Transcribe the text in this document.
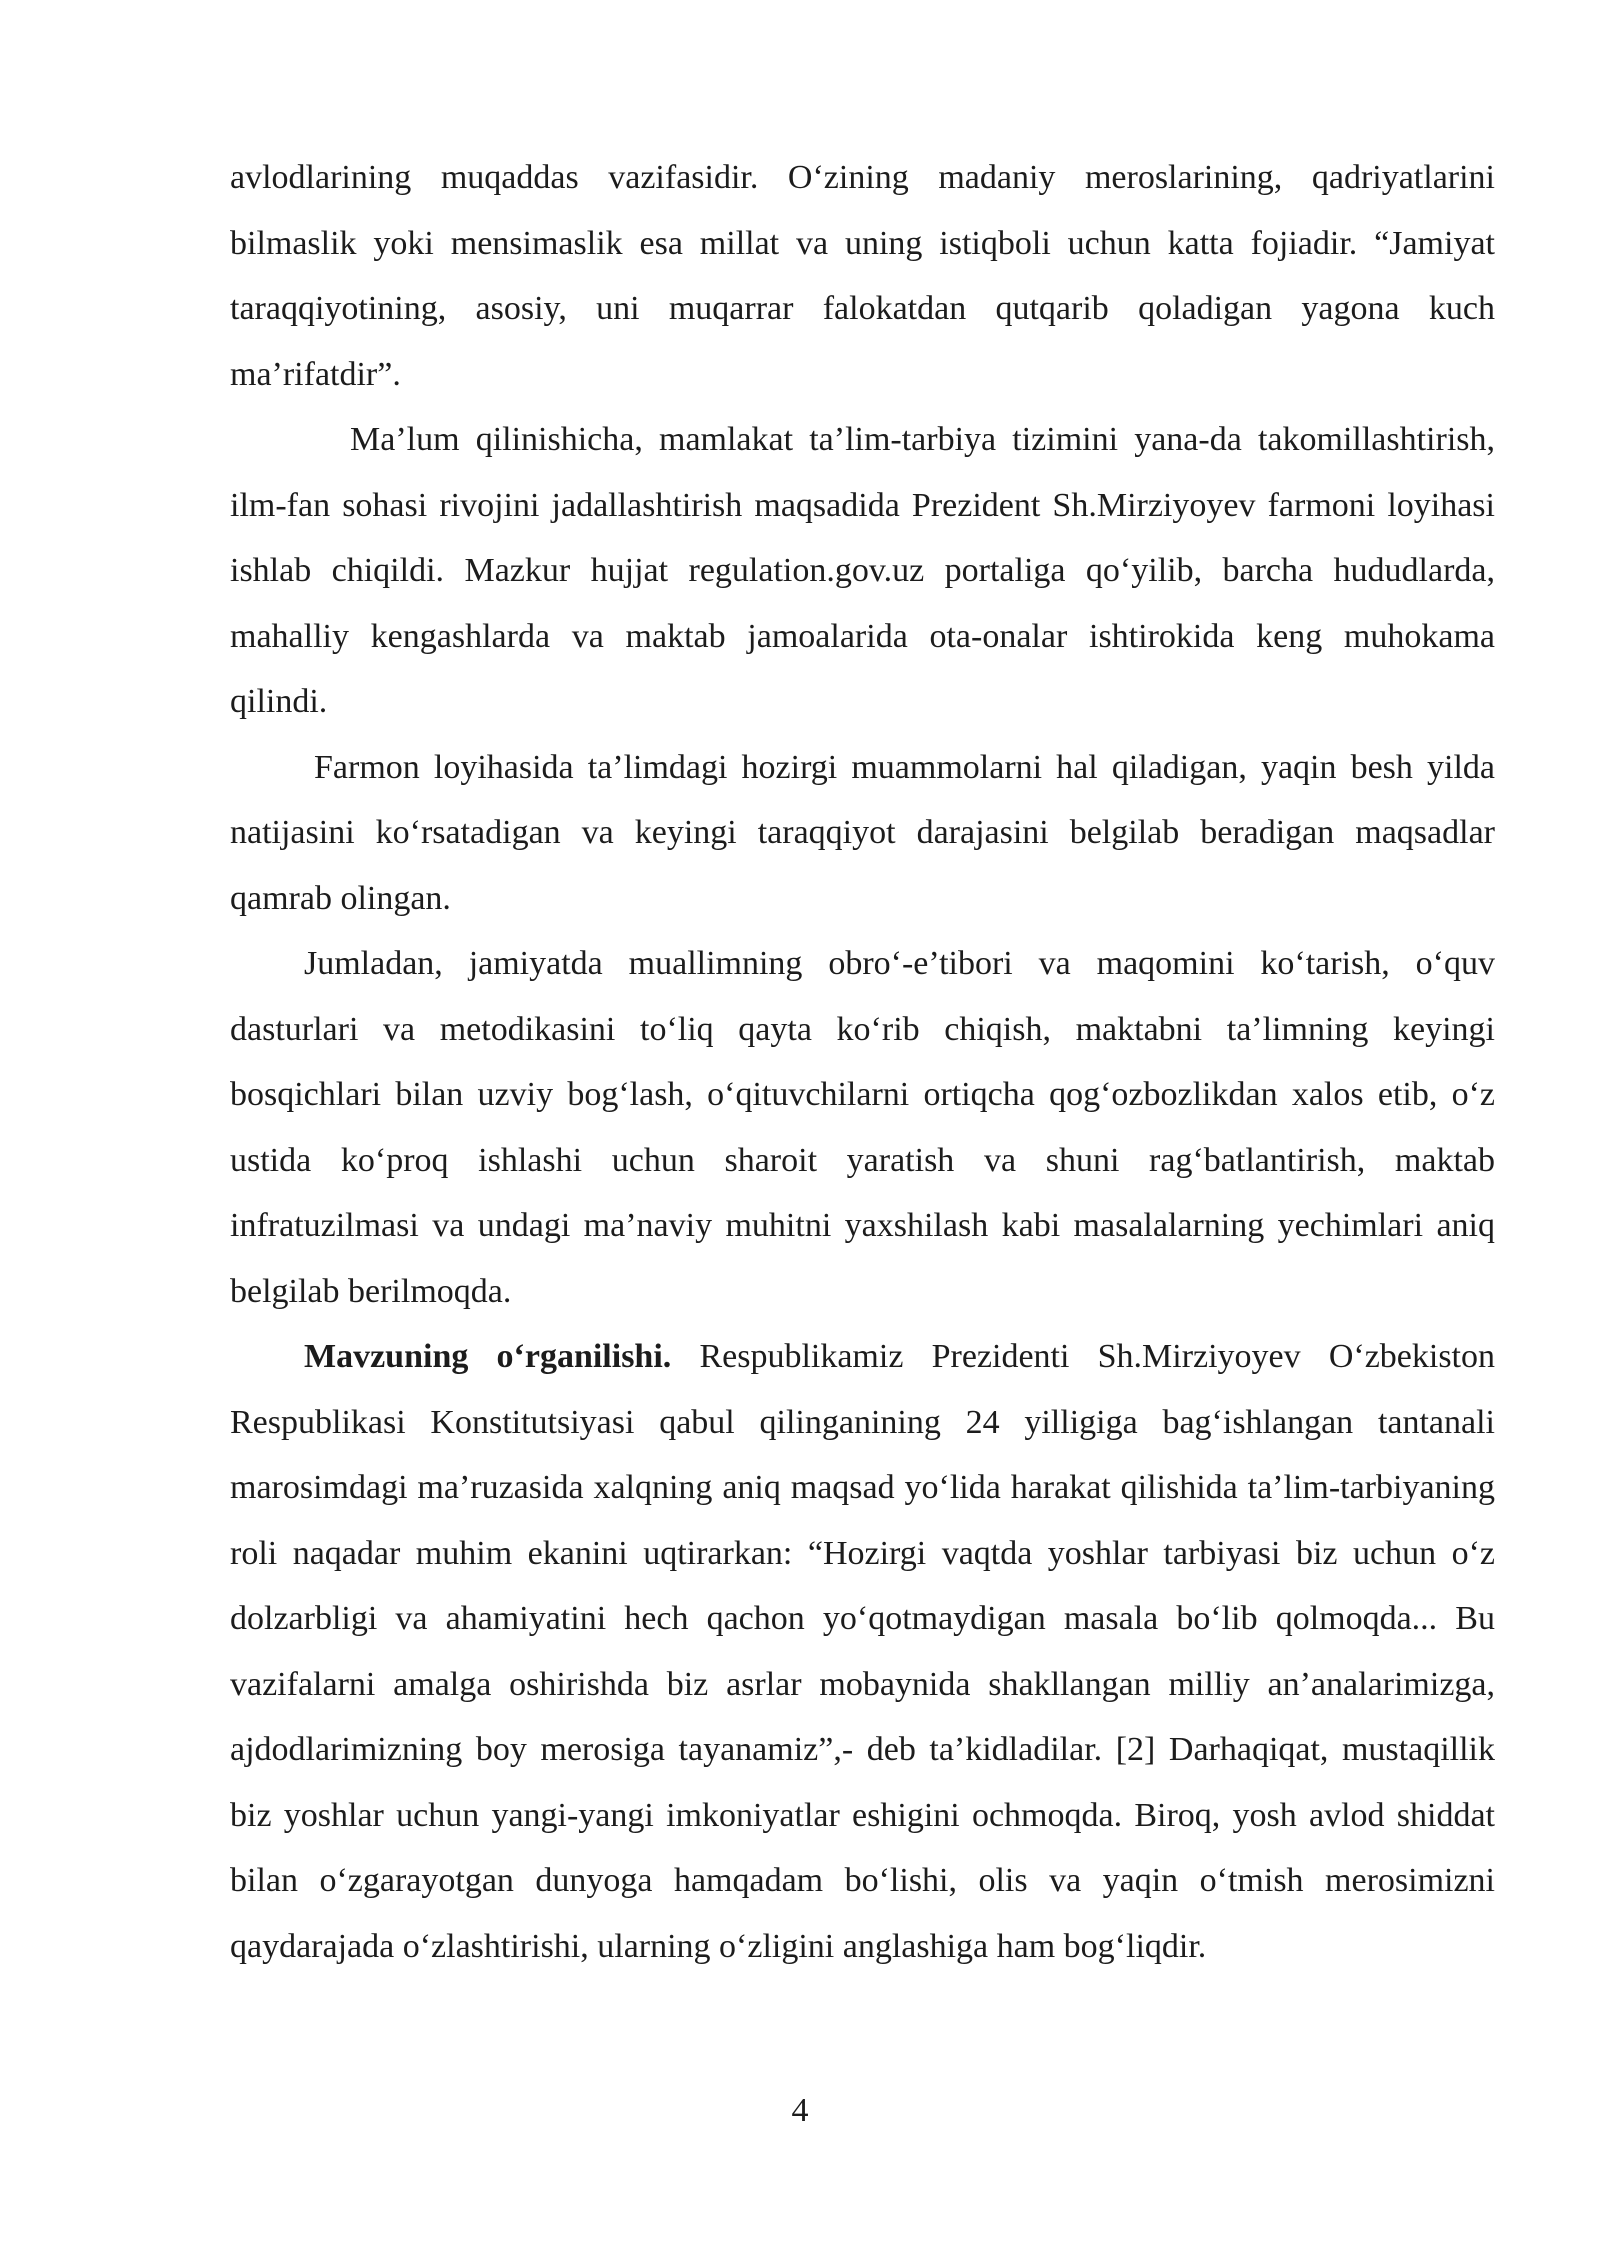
avlodlarining muqaddas vazifasidir. O‘zining madaniy meroslarining, qadriyatlarini bilmaslik yoki mensimaslik esa millat va uning istiqboli uchun katta fojiadir. “Jamiyat taraqqiyotining, asosiy, uni muqarrar falokatdan qutqarib qoladigan yagona kuch ma’rifatdir”.

Ma’lum qilinishicha, mamlakat ta’lim-tarbiya tizimini yana-da takomillashtirish, ilm-fan sohasi rivojini jadallashtirish maqsadida Prezident Sh.Mirziyoyev farmoni loyihasi ishlab chiqildi. Mazkur hujjat regulation.gov.uz portaliga qo‘yilib, barcha hududlarda, mahalliy kengashlarda va maktab jamoalarida ota-onalar ishtirokida keng muhokama qilindi.

Farmon loyihasida ta’limdagi hozirgi muammolarni hal qiladigan, yaqin besh yilda natijasini ko‘rsatadigan va keyingi taraqqiyot darajasini belgilab beradigan maqsadlar qamrab olingan.

Jumladan, jamiyatda muallimning obro‘-e’tibori va maqomini ko‘tarish, o‘quv dasturlari va metodikasini to‘liq qayta ko‘rib chiqish, maktabni ta’limning keyingi bosqichlari bilan uzviy bog‘lash, o‘qituvchilarni ortiqcha qog‘ozbozlikdan xalos etib, o‘z ustida ko‘proq ishlashi uchun sharoit yaratish va shuni rag‘batlantirish, maktab infratuzilmasi va undagi ma’naviy muhitni yaxshilash kabi masalalarning yechimlari aniq belgilab berilmoqda.

Mavzuning o‘rganilishi. Respublikamiz Prezidenti Sh.Mirziyoyev O‘zbekiston Respublikasi Konstitutsiyasi qabul qilinganining 24 yilligiga bag‘ishlangan tantanali marosimdagi ma’ruzasida xalqning aniq maqsad yo‘lida harakat qilishida ta’lim-tarbiyaning roli naqadar muhim ekanini uqtirarkan: “Hozirgi vaqtda yoshlar tarbiyasi biz uchun o‘z dolzarbligi va ahamiyatini hech qachon yo‘qotmaydigan masala bo‘lib qolmoqda... Bu vazifalarni amalga oshirishda biz asrlar mobaynida shakllangan milliy an’analarimizga, ajdodlarimizning boy merosiga tayanamiz”,- deb ta’kidladilar. [2] Darhaqiqat, mustaqillik biz yoshlar uchun yangi-yangi imkoniyatlar eshigini ochmoqda. Biroq, yosh avlod shiddat bilan o‘zgarayotgan dunyoga hamqadam bo‘lishi, olis va yaqin o‘tmish merosimizni qaydarajada o‘zlashtirishi, ularning o‘zligini anglashiga ham bog‘liqdir.

4
